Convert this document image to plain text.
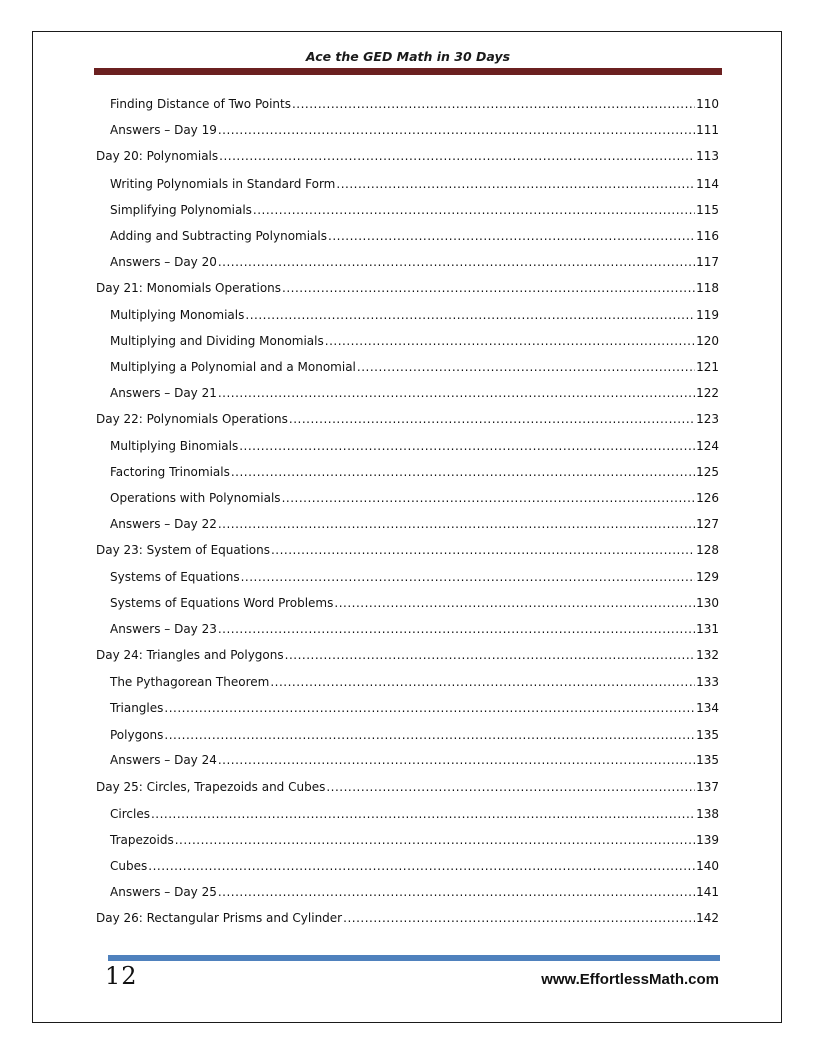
Ace the GED Math in 30 Days
Finding Distance of Two Points .....	110
Answers – Day 19 .....	111
Day 20: Polynomials .....	113
Writing Polynomials in Standard Form .....	114
Simplifying Polynomials .....	115
Adding and Subtracting Polynomials .....	116
Answers – Day 20 .....	117
Day 21: Monomials Operations .....	118
Multiplying Monomials .....	119
Multiplying and Dividing Monomials .....	120
Multiplying a Polynomial and a Monomial .....	121
Answers – Day 21 .....	122
Day 22: Polynomials Operations .....	123
Multiplying Binomials .....	124
Factoring Trinomials .....	125
Operations with Polynomials .....	126
Answers – Day 22 .....	127
Day 23: System of Equations .....	128
Systems of Equations .....	129
Systems of Equations Word Problems .....	130
Answers – Day 23 .....	131
Day 24: Triangles and Polygons .....	132
The Pythagorean Theorem .....	133
Triangles .....	134
Polygons .....	135
Answers – Day 24 .....	135
Day 25: Circles, Trapezoids and Cubes .....	137
Circles .....	138
Trapezoids .....	139
Cubes .....	140
Answers – Day 25 .....	141
Day 26: Rectangular Prisms and Cylinder .....	142
12	www.EffortlessMath.com
